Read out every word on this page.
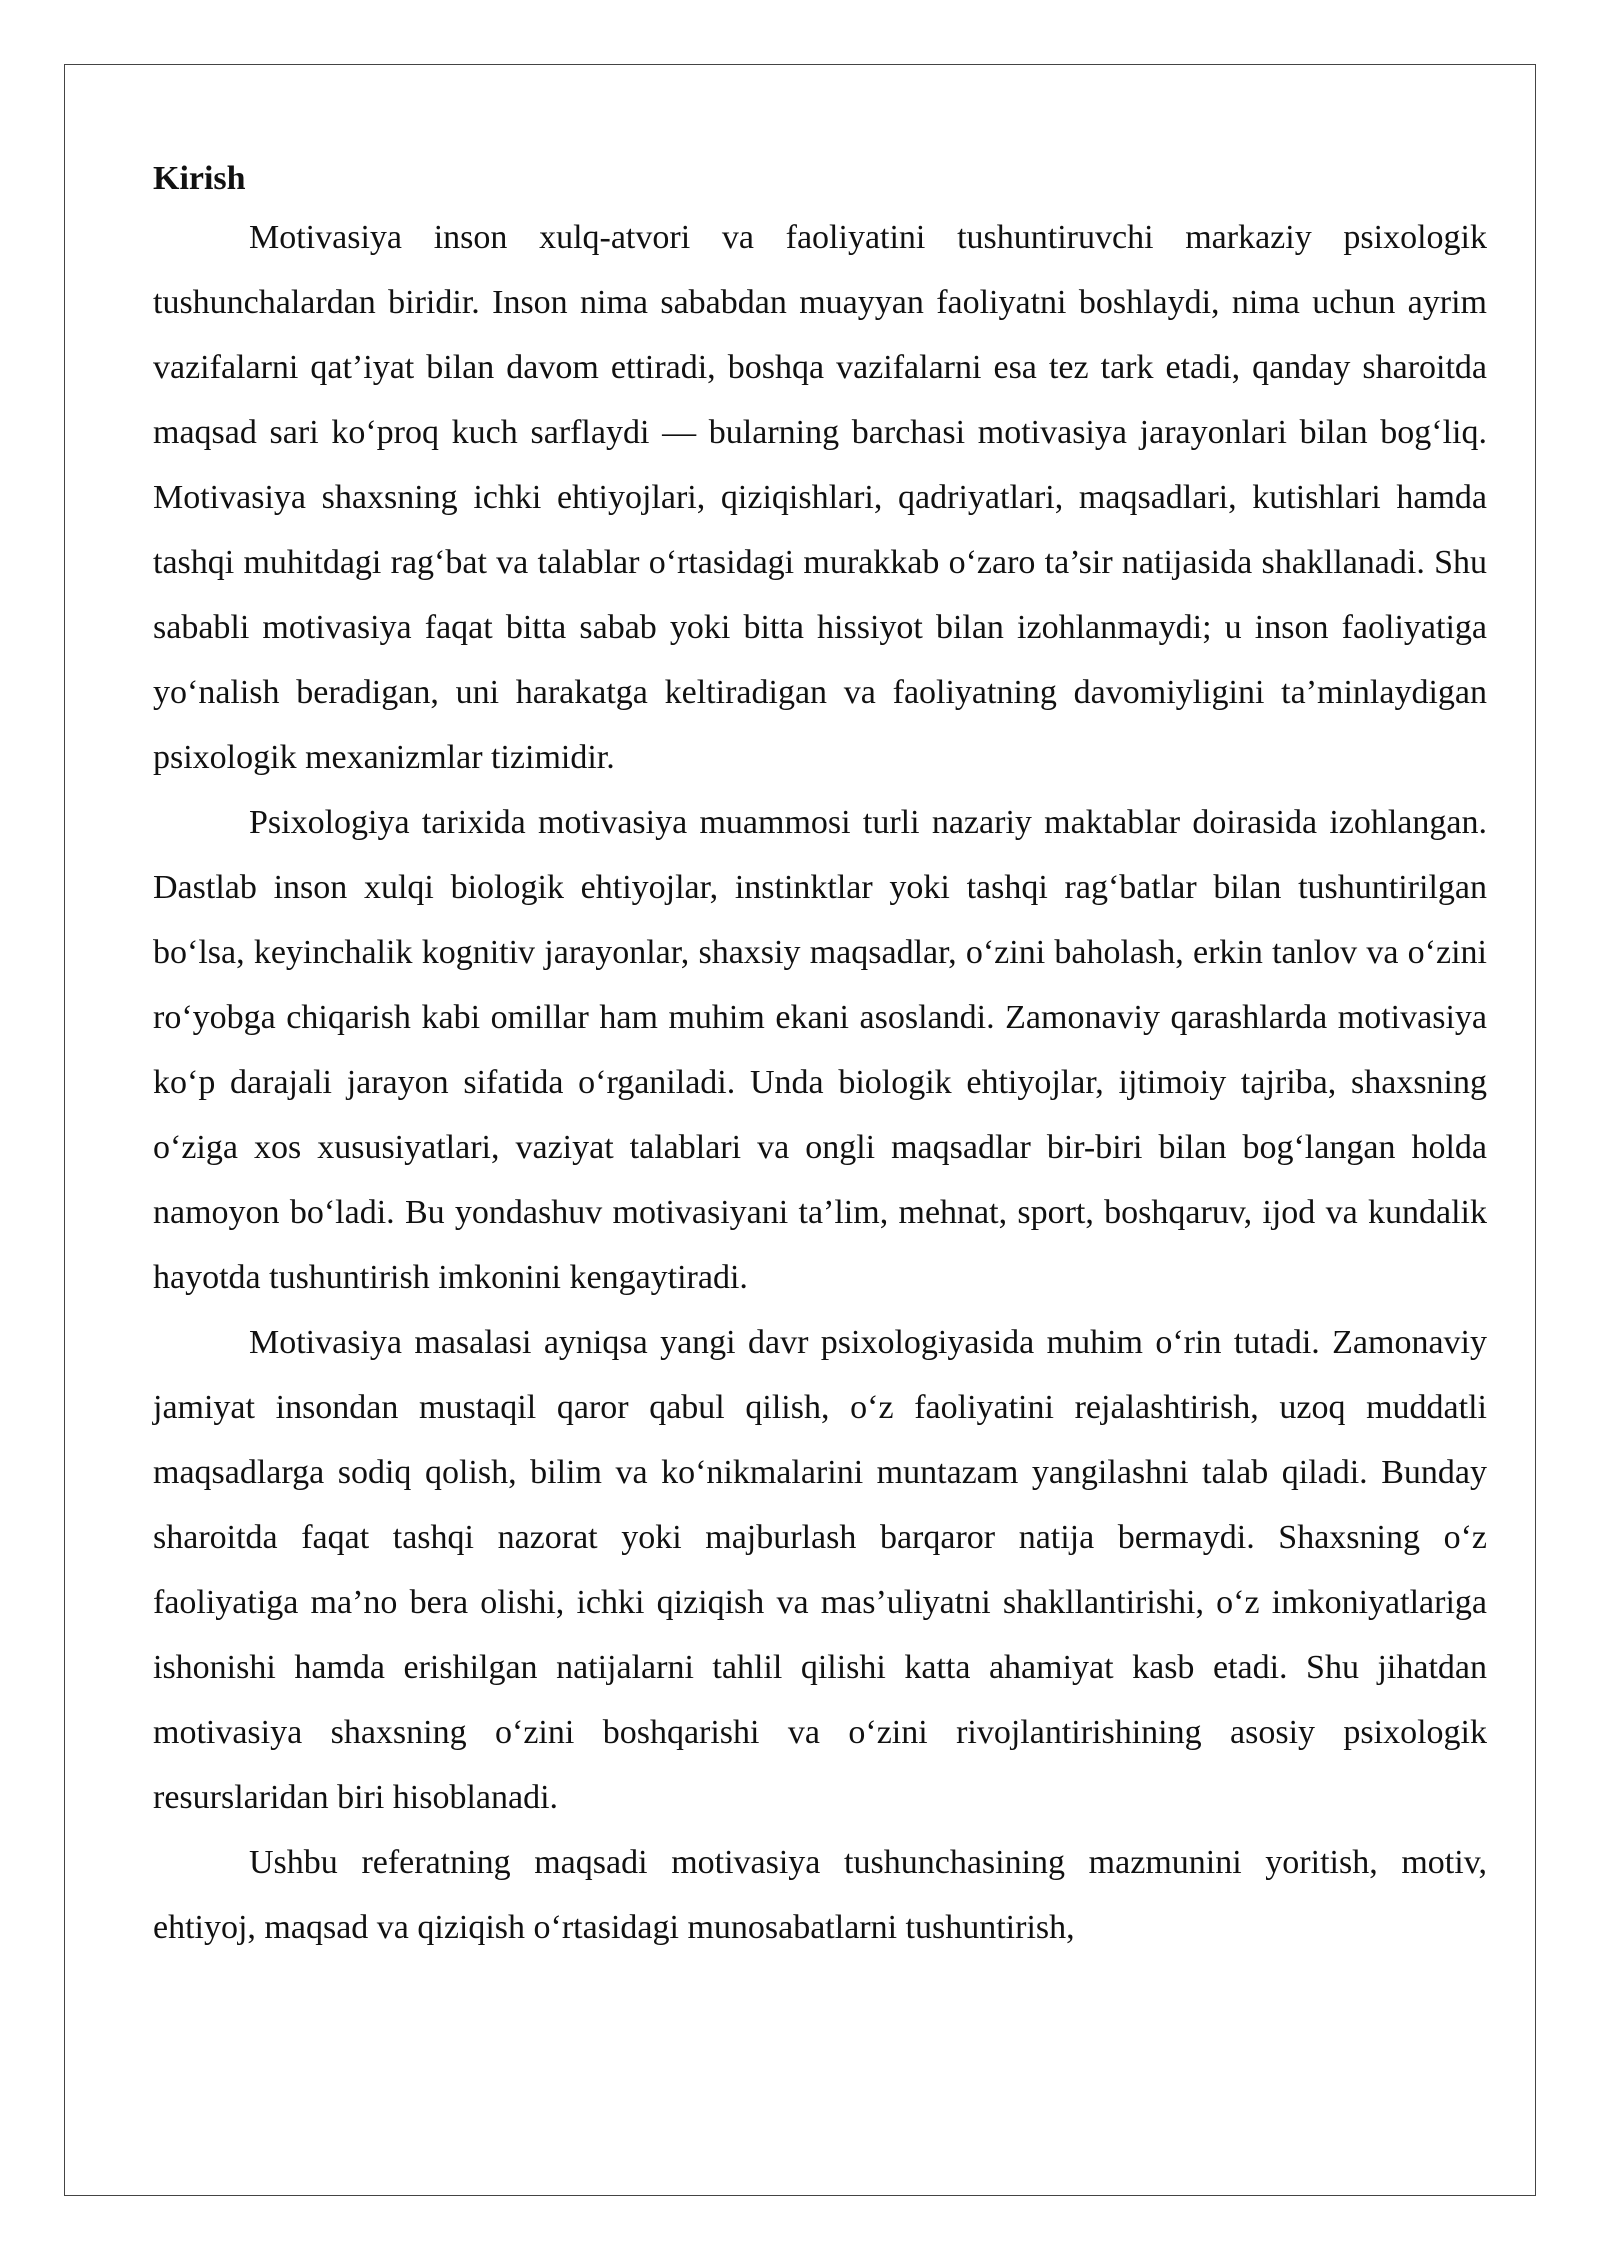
Kirish

Motivasiya inson xulq-atvori va faoliyatini tushuntiruvchi markaziy psixologik tushunchalardan biridir. Inson nima sababdan muayyan faoliyatni boshlaydi, nima uchun ayrim vazifalarni qat’iyat bilan davom ettiradi, boshqa vazifalarni esa tez tark etadi, qanday sharoitda maqsad sari ko‘proq kuch sarflaydi — bularning barchasi motivasiya jarayonlari bilan bog‘liq. Motivasiya shaxsning ichki ehtiyojlari, qiziqishlari, qadriyatlari, maqsadlari, kutishlari hamda tashqi muhitdagi rag‘bat va talablar o‘rtasidagi murakkab o‘zaro ta’sir natijasida shakllanadi. Shu sababli motivasiya faqat bitta sabab yoki bitta hissiyot bilan izohlanmaydi; u inson faoliyatiga yo‘nalish beradigan, uni harakatga keltiradigan va faoliyatning davomiyligini ta’minlaydigan psixologik mexanizmlar tizimidir.

Psixologiya tarixida motivasiya muammosi turli nazariy maktablar doirasida izohlangan. Dastlab inson xulqi biologik ehtiyojlar, instinktlar yoki tashqi rag‘batlar bilan tushuntirilgan bo‘lsa, keyinchalik kognitiv jarayonlar, shaxsiy maqsadlar, o‘zini baholash, erkin tanlov va o‘zini ro‘yobga chiqarish kabi omillar ham muhim ekani asoslandi. Zamonaviy qarashlarda motivasiya ko‘p darajali jarayon sifatida o‘rganiladi. Unda biologik ehtiyojlar, ijtimoiy tajriba, shaxsning o‘ziga xos xususiyatlari, vaziyat talablari va ongli maqsadlar bir-biri bilan bog‘langan holda namoyon bo‘ladi. Bu yondashuv motivasiyani ta’lim, mehnat, sport, boshqaruv, ijod va kundalik hayotda tushuntirish imkonini kengaytiradi.

Motivasiya masalasi ayniqsa yangi davr psixologiyasida muhim o‘rin tutadi. Zamonaviy jamiyat insondan mustaqil qaror qabul qilish, o‘z faoliyatini rejalashtirish, uzoq muddatli maqsadlarga sodiq qolish, bilim va ko‘nikmalarini muntazam yangilashni talab qiladi. Bunday sharoitda faqat tashqi nazorat yoki majburlash barqaror natija bermaydi. Shaxsning o‘z faoliyatiga ma’no bera olishi, ichki qiziqish va mas’uliyatni shakllantirishi, o‘z imkoniyatlariga ishonishi hamda erishilgan natijalarni tahlil qilishi katta ahamiyat kasb etadi. Shu jihatdan motivasiya shaxsning o‘zini boshqarishi va o‘zini rivojlantirishining asosiy psixologik resurslaridan biri hisoblanadi.

Ushbu referatning maqsadi motivasiya tushunchasining mazmunini yoritish, motiv, ehtiyoj, maqsad va qiziqish o‘rtasidagi munosabatlarni tushuntirish,
